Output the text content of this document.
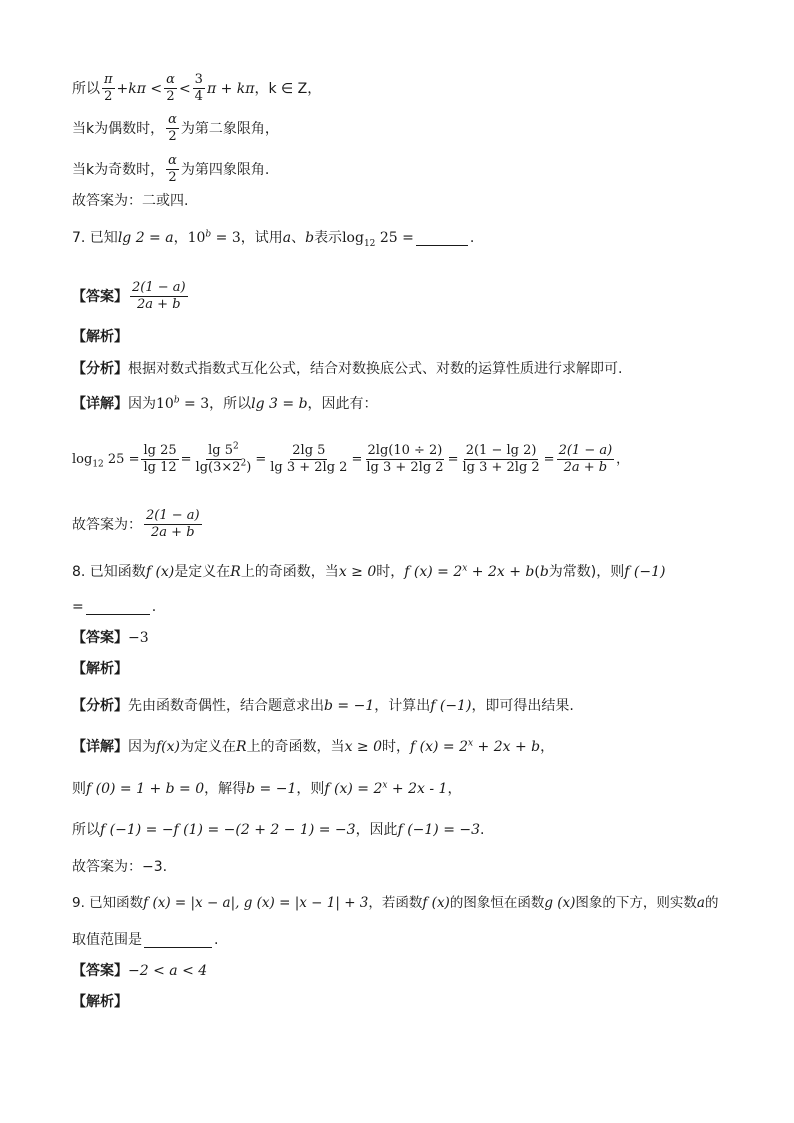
所以 $\frac{\pi}{2} +k\pi < \frac{\alpha}{2} < \frac{3}{4}$ π + kπ ，k ∈ Z，
当k为偶数时， $\frac{\alpha}{2}$ 为第二象限角，
当k为奇数时， $\frac{\alpha}{2}$ 为第四象限角.
故答案为：二或四.
7. 已知 lg 2 = a ， $10^b = 3$ ，试用 a 、 b 表示 $\log_{12} 25$ =	.
【答案】 $\frac{2(1 - a)}{2a + b}$
【解析】
【分析】 根据对数式指数式互化公式，结合对数换底公式、对数的运算性质进行求解即可.
【详解】 因为 $10^b = 3$ ，所以 lg 3 = b ，因此有：
$\log_{12} 25 = \frac{\lg 25}{\lg 12} = \frac{\lg 5^2}{\lg(3\times 2^2)} = \frac{2\lg 5}{\lg 3 + 2\lg 2} = \frac{2\lg(10 \div 2)}{\lg 3 + 2\lg 2} = \frac{2(1 - \lg 2)}{\lg 3 + 2\lg 2} = \frac{2(1 - a)}{2a + b}$ ，
故答案为： $\frac{2(1 - a)}{2a + b}$
8. 已知函数 f (x) 是定义在 R 上的奇函数，当 x ≥ 0 时， f $(x) = 2^x + 2x + b$ ( b 为常数)，则 f (−1)
=	.
【答案】 −3
【解析】
【分析】 先由函数奇偶性，结合题意求出 b = −1 ，计算出 f (−1) ，即可得出结果.
【详解】 因为 f(x) 为定义在 R 上的奇函数，当 x ≥ 0 时， f $(x) = 2^x + 2x + b$ ，
则 f (0) = 1 + b = 0 ，解得 b = −1 ，则 f $(x) = 2^x + 2x - 1$ ，
所以 f (−1) = −f (1) = −(2 + 2 − 1) = −3 ，因此 f (−1) = −3 .
故答案为：−3.
9. 已知函数 f (x) = |x − a|, g (x) = |x − 1| + 3 ，若函数 f (x) 的图象恒在函数 g (x) 图象的下方，则实数 a 的
取值范围是	.
【答案】 −2 < a < 4
【解析】
